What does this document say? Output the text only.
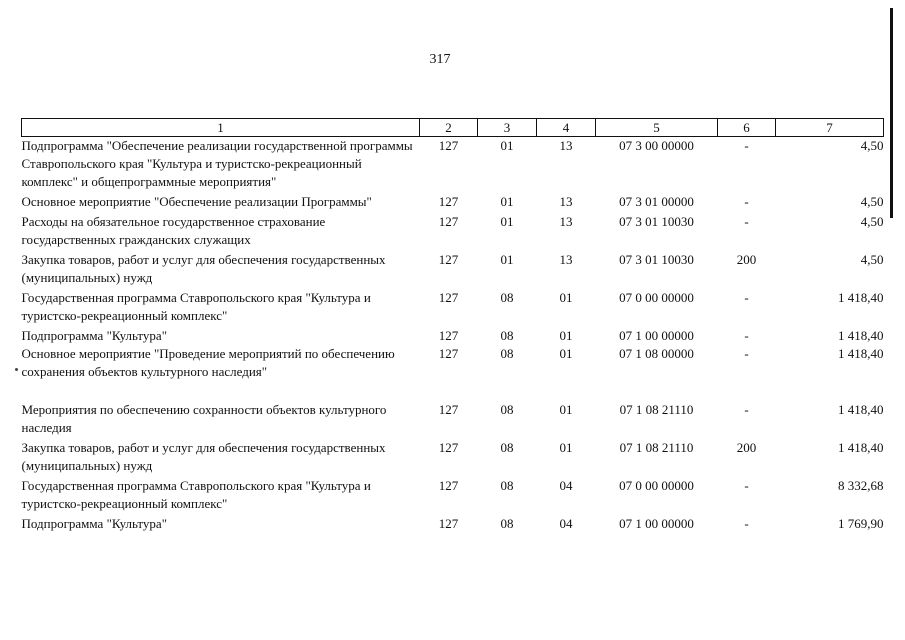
317
1	2	3	4	5	6	7
Подпрограмма "Обеспечение реализации государственной программы Ставропольского края "Культура и туристско-рекреационный комплекс" и общепрограммные мероприятия"	127	01	13	07 3 00 00000	-	4,50
Основное мероприятие "Обеспечение реализации Программы"	127	01	13	07 3 01 00000	-	4,50
Расходы на обязательное государственное страхование государственных гражданских служащих	127	01	13	07 3 01 10030	-	4,50
Закупка товаров, работ и услуг для обеспечения государственных (муниципальных) нужд	127	01	13	07 3 01 10030	200	4,50
Государственная программа Ставропольского края "Культура и туристско-рекреационный комплекс"	127	08	01	07 0 00 00000	-	1 418,40
Подпрограмма "Культура"	127	08	01	07 1 00 00000	-	1 418,40
Основное мероприятие "Проведение мероприятий по обеспечению сохранения объектов культурного наследия"	127	08	01	07 1 08 00000	-	1 418,40
Мероприятия по обеспечению сохранности объектов культурного наследия	127	08	01	07 1 08 21110	-	1 418,40
Закупка товаров, работ и услуг для обеспечения государственных (муниципальных) нужд	127	08	01	07 1 08 21110	200	1 418,40
Государственная программа Ставропольского края "Культура и туристско-рекреационный комплекс"	127	08	04	07 0 00 00000	-	8 332,68
Подпрограмма "Культура"	127	08	04	07 1 00 00000	-	1 769,90
